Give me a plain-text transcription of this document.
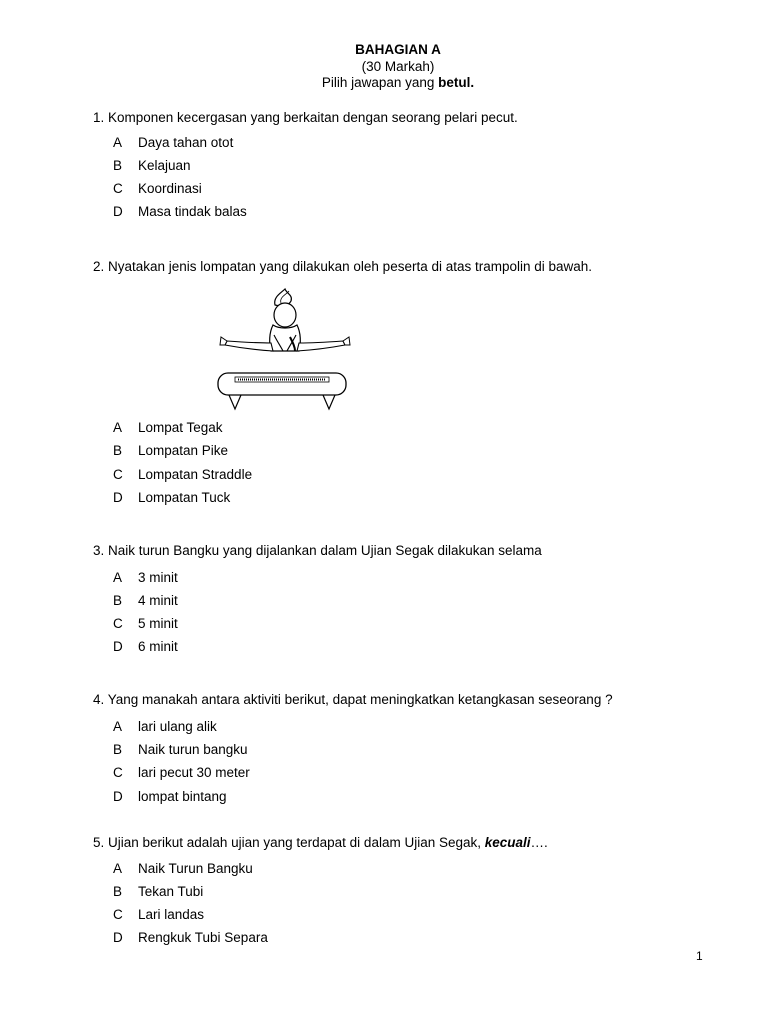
BAHAGIAN A
(30 Markah)
Pilih jawapan yang betul.
1. Komponen kecergasan yang berkaitan dengan seorang pelari pecut.
A Daya tahan otot
B Kelajuan
C Koordinasi
D Masa tindak balas
2. Nyatakan jenis lompatan yang dilakukan oleh peserta di atas trampolin di bawah.
A Lompat Tegak
B Lompatan Pike
C Lompatan Straddle
D Lompatan Tuck
3. Naik turun Bangku yang dijalankan dalam Ujian Segak dilakukan selama
A 3 minit
B 4 minit
C 5 minit
D 6 minit
4. Yang manakah antara aktiviti berikut, dapat meningkatkan ketangkasan seseorang ?
A lari ulang alik
B Naik turun bangku
C lari pecut 30 meter
D lompat bintang
5. Ujian berikut adalah ujian yang terdapat di dalam Ujian Segak, kecuali….
A Naik Turun Bangku
B Tekan Tubi
C Lari landas
D Rengkuk Tubi Separa
1
